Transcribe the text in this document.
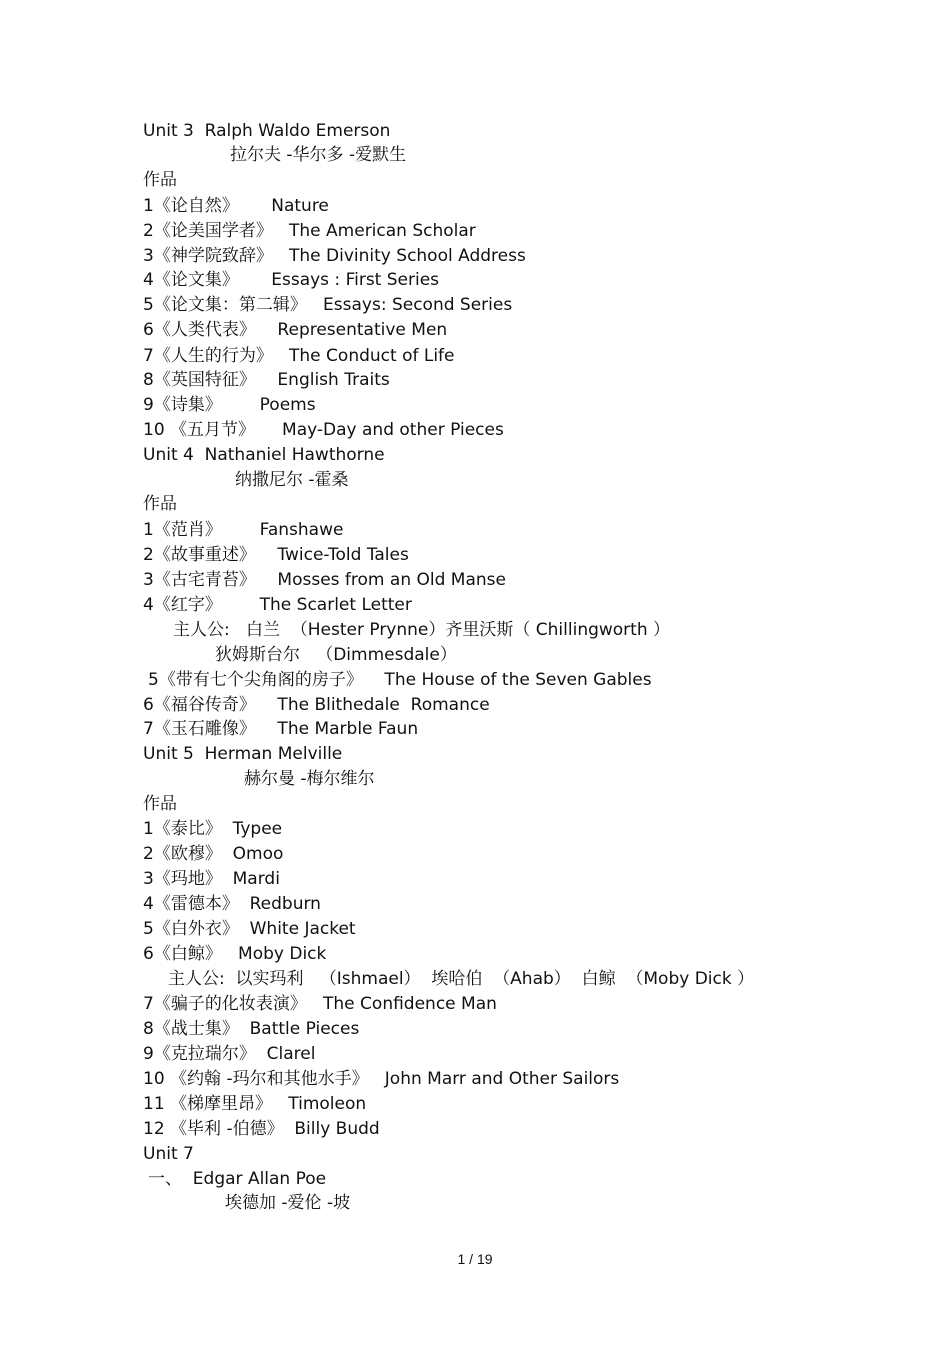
Unit 3  Ralph Waldo Emerson
拉尔夫 -华尔多 -爱默生
作品
1《论自然》      Nature
2《论美国学者》   The American Scholar
3《神学院致辞》   The Divinity School Address
4《论文集》      Essays : First Series
5《论文集：第二辑》   Essays: Second Series
6《人类代表》    Representative Men
7《人生的行为》   The Conduct of Life
8《英国特征》    English Traits
9《诗集》       Poems
10 《五月节》     May-Day and other Pieces
Unit 4  Nathaniel Hawthorne
纳撒尼尔 -霍桑
作品
1《范肖》       Fanshawe
2《故事重述》    Twice-Told Tales
3《古宅青苔》    Mosses from an Old Manse
4《红字》       The Scarlet Letter
主人公:   白兰  （Hester Prynne）齐里沃斯（ Chillingworth ）
狄姆斯台尔   （Dimmesdale）
5《带有七个尖角阁的房子》    The House of the Seven Gables
6《福谷传奇》    The Blithedale  Romance
7《玉石雕像》    The Marble Faun
Unit 5  Herman Melville
赫尔曼 -梅尔维尔
作品
1《泰比》  Typee
2《欧穆》  Omoo
3《玛地》  Mardi
4《雷德本》  Redburn
5《白外衣》  White Jacket
6《白鲸》   Moby Dick
主人公:  以实玛利   （Ishmael）  埃哈伯  （Ahab）  白鲸  （Moby Dick ）
7《骗子的化妆表演》   The Confidence Man
8《战士集》  Battle Pieces
9《克拉瑞尔》  Clarel
10 《约翰 -玛尔和其他水手》   John Marr and Other Sailors
11 《梯摩里昂》   Timoleon
12 《毕利 -伯德》  Billy Budd
Unit 7
一、  Edgar Allan Poe
埃德加 -爱伦 -坡
1 / 19
